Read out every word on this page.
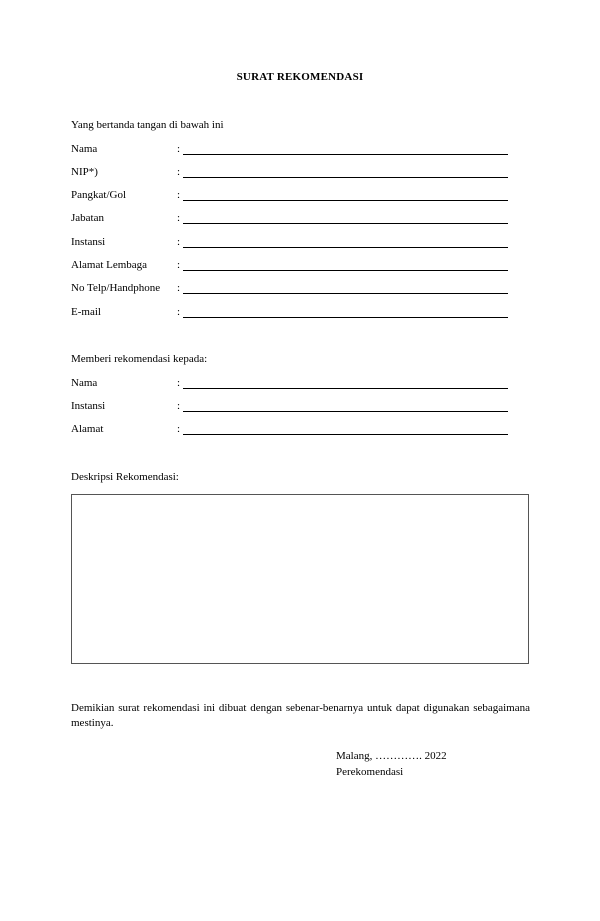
SURAT REKOMENDASI
Yang bertanda tangan di bawah ini
Nama	:
NIP*)	:
Pangkat/Gol	:
Jabatan	:
Instansi	:
Alamat Lembaga	:
No Telp/Handphone :
E-mail	:
Memberi rekomendasi kepada:
Nama	:
Instansi	:
Alamat	:
Deskripsi Rekomendasi:
Demikian surat rekomendasi ini dibuat dengan sebenar-benarnya untuk dapat digunakan sebagaimana mestinya.
Malang, …………. 2022
Perekomendasi
